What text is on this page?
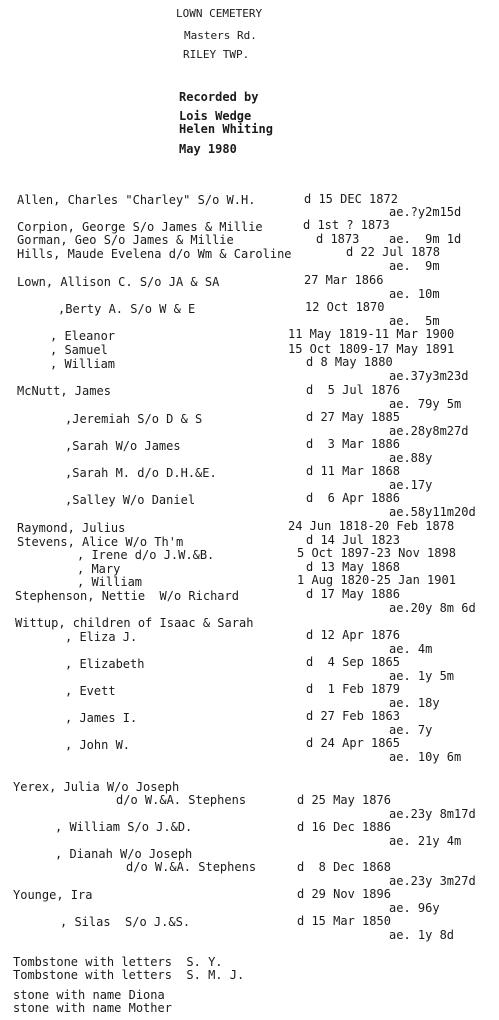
LOWN CEMETERY
Masters Rd.
RILEY TWP.
Recorded by
Lois Wedge
Helen Whiting
May 1980
Allen, Charles "Charley" S/o W.H.	d 15 DEC 1872
ae.?y2m15d
Corpion, George S/o James & Millie	d 1st ? 1873
Gorman, Geo S/o James & Millie	d 1873 ae.  9m 1d
Hills, Maude Evelena d/o Wm & Caroline	d 22 Jul 1878
ae.  9m
Lown, Allison C. S/o JA & SA	27 Mar 1866
ae. 10m
,Berty A. S/o W & E	12 Oct 1870
ae.  5m
, Eleanor	11 May 1819-11 Mar 1900
, Samuel	15 Oct 1809-17 May 1891
, William	d 8 May 1880
ae.37y3m23d
McNutt, James	d  5 Jul 1876
ae. 79y 5m
,Jeremiah S/o D & S	d 27 May 1885
ae.28y8m27d
,Sarah W/o James	d  3 Mar 1886
ae.88y
,Sarah M. d/o D.H.&E.	d 11 Mar 1868
ae.17y
,Salley W/o Daniel	d  6 Apr 1886
ae.58y11m20d
Raymond, Julius	24 Jun 1818-20 Feb 1878
Stevens, Alice W/o Th'm	d 14 Jul 1823
, Irene d/o J.W.&B.	5 Oct 1897-23 Nov 1898
, Mary	d 13 May 1868
, William	1 Aug 1820-25 Jan 1901
Stephenson, Nettie  W/o Richard	d 17 May 1886
ae.20y 8m 6d
Wittup, children of Isaac & Sarah
, Eliza J.	d 12 Apr 1876
ae. 4m
, Elizabeth	d  4 Sep 1865
ae. 1y 5m
, Evett	d  1 Feb 1879
ae. 18y
, James I.	d 27 Feb 1863
ae. 7y
, John W.	d 24 Apr 1865
ae. 10y 6m
Yerex, Julia W/o Joseph
d/o W.&A. Stephens	d 25 May 1876
ae.23y 8m17d
, William S/o J.&D.	d 16 Dec 1886
ae. 21y 4m
, Dianah W/o Joseph
d/o W.&A. Stephens	d  8 Dec 1868
ae.23y 3m27d
Younge, Ira	d 29 Nov 1896
ae. 96y
, Silas  S/o J.&S.	d 15 Mar 1850
ae. 1y 8d
Tombstone with letters  S. Y.
Tombstone with letters  S. M. J.
stone with name Diona
stone with name Mother
